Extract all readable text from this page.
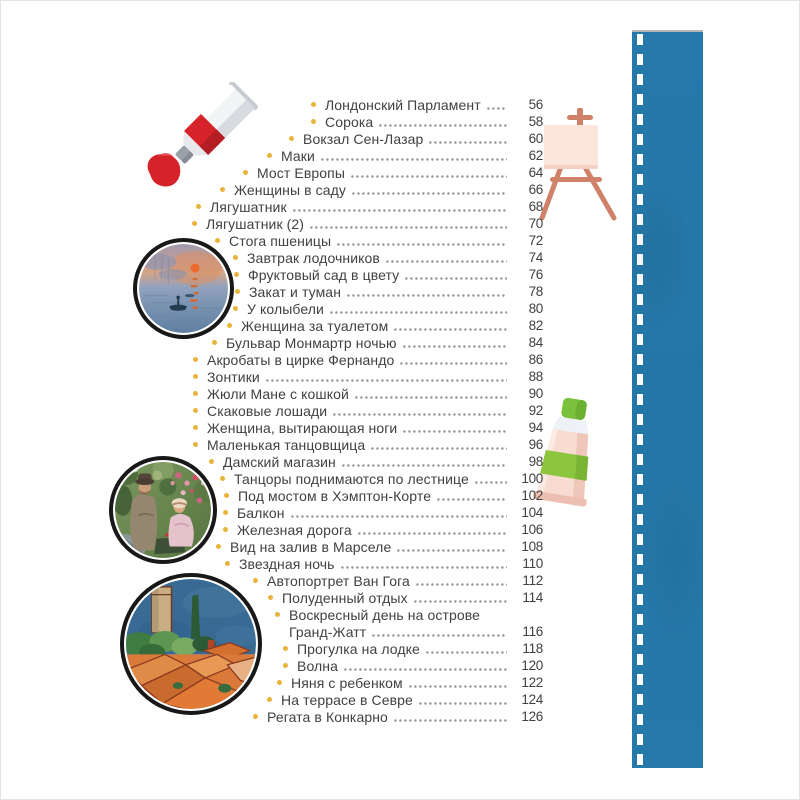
Лондонский Парламент	56
Сорока	58
Вокзал Сен-Лазар	60
Маки	62
Мост Европы	64
Женщины в саду	66
Лягушатник	68
Лягушатник (2)	70
Стога пшеницы	72
Завтрак лодочников	74
Фруктовый сад в цвету	76
Закат и туман	78
У колыбели	80
Женщина за туалетом	82
Бульвар Монмартр ночью	84
Акробаты в цирке Фернандо	86
Зонтики	88
Жюли Мане с кошкой	90
Скаковые лошади	92
Женщина, вытирающая ноги	94
Маленькая танцовщица	96
Дамский магазин	98
Танцоры поднимаются по лестнице	100
Под мостом в Хэмптон-Корте	102
Балкон	104
Железная дорога	106
Вид на залив в Марселе	108
Звездная ночь	110
Автопортрет Ван Гога	112
Полуденный отдых	114
Воскресный день на острове
Гранд-Жатт	116
Прогулка на лодке	118
Волна	120
Няня с ребенком	122
На террасе в Севре	124
Регата в Конкарно	126
